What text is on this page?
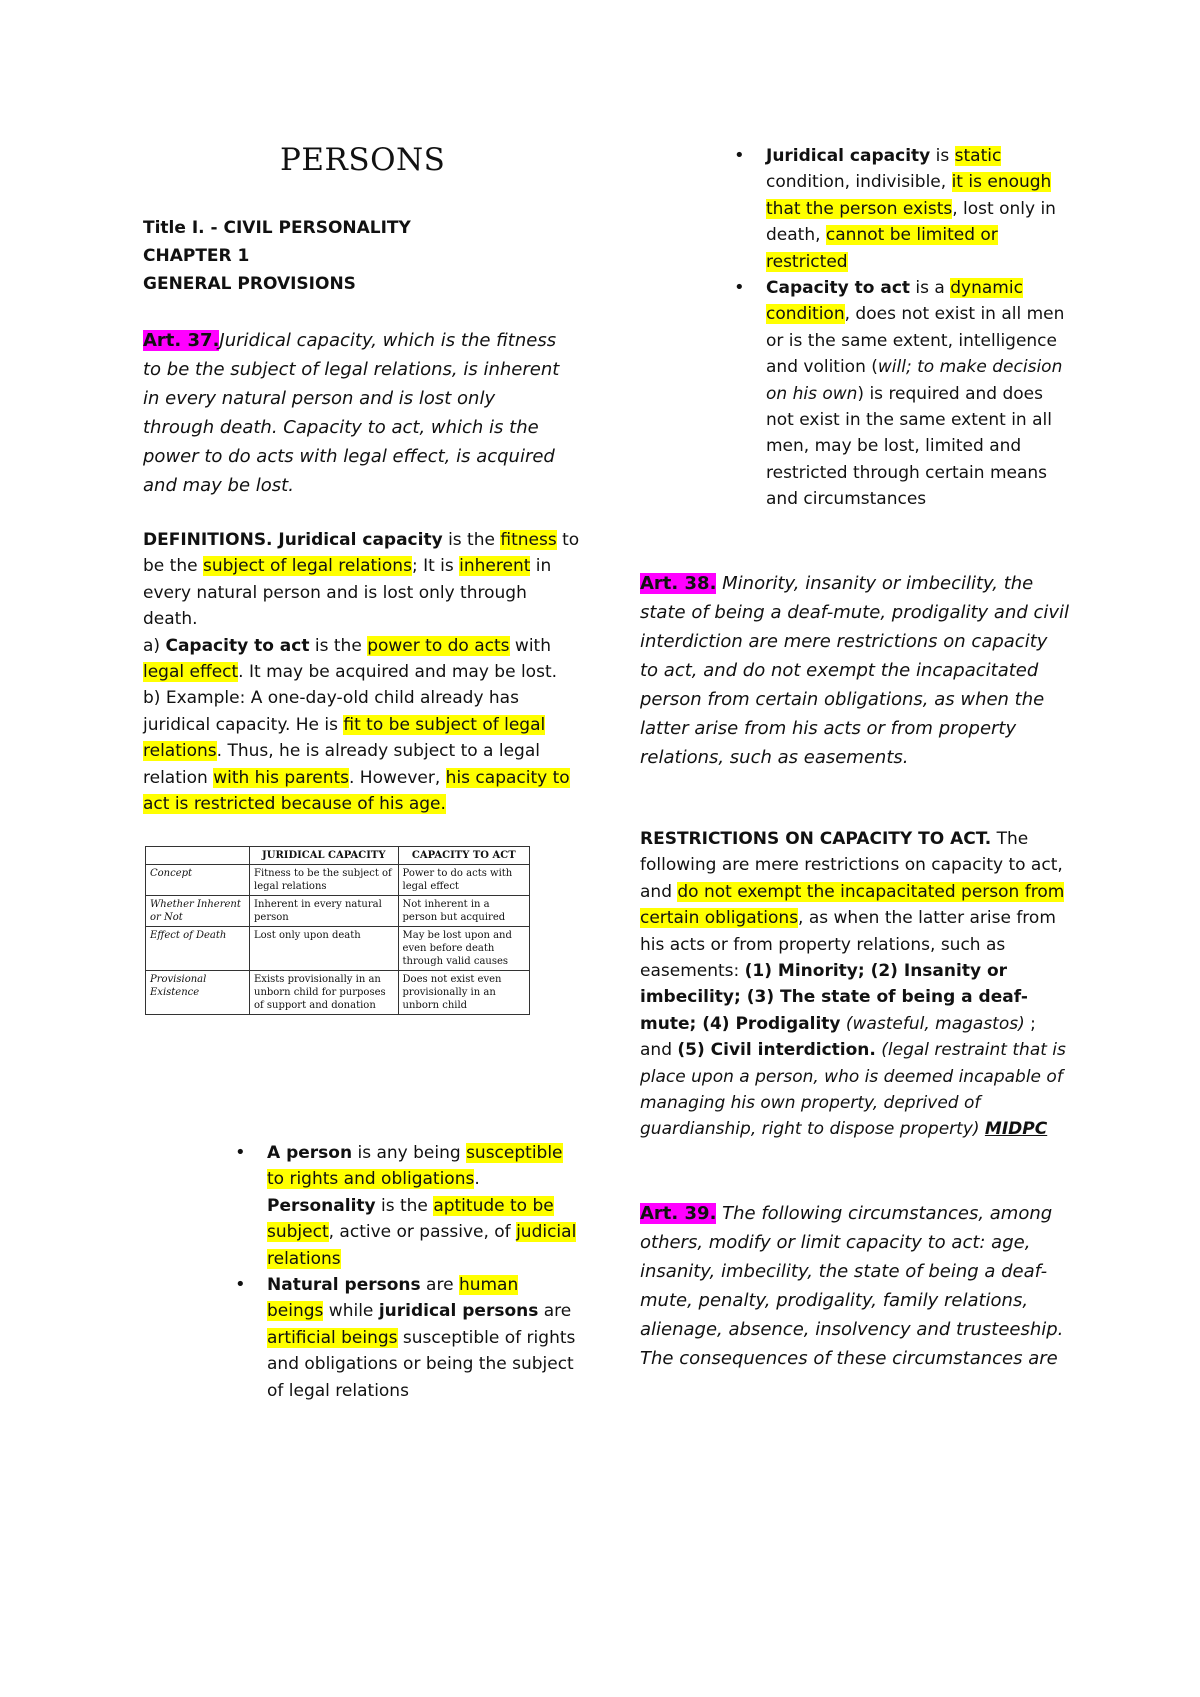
PERSONS
Title I. - CIVIL PERSONALITY
CHAPTER 1
GENERAL PROVISIONS
Art. 37.Juridical capacity, which is the fitness to be the subject of legal relations, is inherent in every natural person and is lost only through death. Capacity to act, which is the power to do acts with legal effect, is acquired and may be lost.
DEFINITIONS. Juridical capacity is the fitness to be the subject of legal relations; It is inherent in every natural person and is lost only through death.
a) Capacity to act is the power to do acts with legal effect. It may be acquired and may be lost.
b) Example: A one-day-old child already has juridical capacity. He is fit to be subject of legal relations. Thus, he is already subject to a legal relation with his parents. However, his capacity to act is restricted because of his age.
	JURIDICAL CAPACITY	CAPACITY TO ACT
Concept	Fitness to be the subject of legal relations	Power to do acts with legal effect
Whether Inherent or Not	Inherent in every natural person	Not inherent in a person but acquired
Effect of Death	Lost only upon death	May be lost upon and even before death through valid causes
Provisional Existence	Exists provisionally in an unborn child for purposes of support and donation	Does not exist even provisionally in an unborn child
• A person is any being susceptible to rights and obligations. Personality is the aptitude to be subject, active or passive, of judicial relations
• Natural persons are human beings while juridical persons are artificial beings susceptible of rights and obligations or being the subject of legal relations
• Juridical capacity is static condition, indivisible, it is enough that the person exists, lost only in death, cannot be limited or restricted
• Capacity to act is a dynamic condition, does not exist in all men or is the same extent, intelligence and volition (will; to make decision on his own) is required and does not exist in the same extent in all men, may be lost, limited and restricted through certain means and circumstances
Art. 38. Minority, insanity or imbecility, the state of being a deaf-mute, prodigality and civil interdiction are mere restrictions on capacity to act, and do not exempt the incapacitated person from certain obligations, as when the latter arise from his acts or from property relations, such as easements.
RESTRICTIONS ON CAPACITY TO ACT. The following are mere restrictions on capacity to act,
and do not exempt the incapacitated person from certain obligations, as when the latter arise from his acts or from property relations, such as easements: (1) Minority; (2) Insanity or imbecility; (3) The state of being a deaf-mute; (4) Prodigality (wasteful, magastos) ; and (5) Civil interdiction. (legal restraint that is place upon a person, who is deemed incapable of managing his own property, deprived of guardianship, right to dispose property) MIDPC
Art. 39. The following circumstances, among others, modify or limit capacity to act: age, insanity, imbecility, the state of being a deaf-mute, penalty, prodigality, family relations, alienage, absence, insolvency and trusteeship. The consequences of these circumstances are
